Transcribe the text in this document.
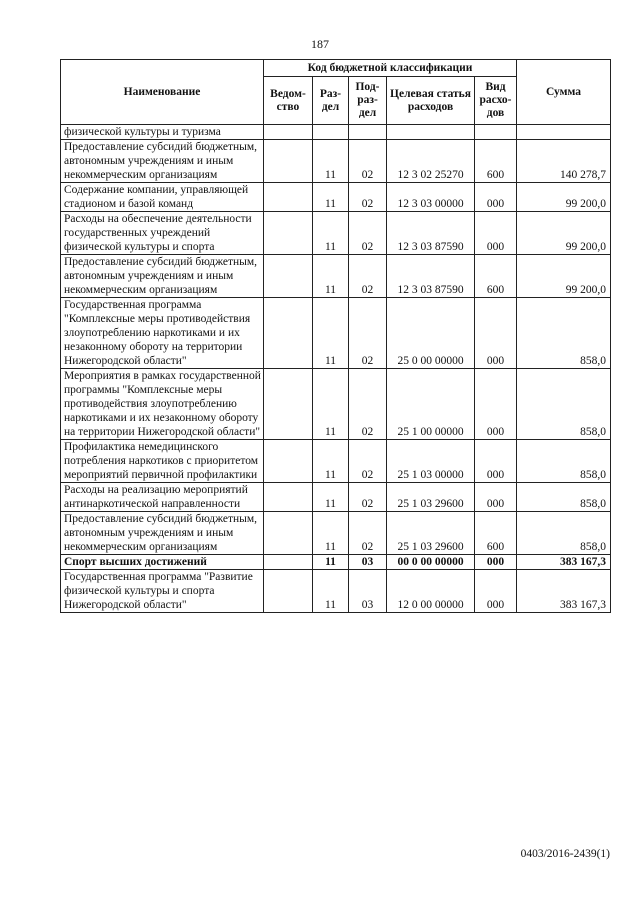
187
Наименование	Код бюджетной классификации					Сумма
	Ведом-ство	Раз-дел	Под-раз-дел	Целевая статья расходов	Вид расхо-дов	
физической культуры и туризма						
Предоставление субсидий бюджетным, автономным учреждениям и иным некоммерческим организациям		11	02	12 3 02 25270	600	140 278,7
Содержание компании, управляющей стадионом и базой команд		11	02	12 3 03 00000	000	99 200,0
Расходы на обеспечение деятельности государственных учреждений физической культуры и спорта		11	02	12 3 03 87590	000	99 200,0
Предоставление субсидий бюджетным, автономным учреждениям и иным некоммерческим организациям		11	02	12 3 03 87590	600	99 200,0
Государственная программа "Комплексные меры противодействия злоупотреблению наркотиками и их незаконному обороту на территории Нижегородской области"		11	02	25 0 00 00000	000	858,0
Мероприятия в рамках государственной программы "Комплексные меры противодействия злоупотреблению наркотиками и их незаконному обороту на территории Нижегородской области"		11	02	25 1 00 00000	000	858,0
Профилактика немедицинского потребления наркотиков с приоритетом мероприятий первичной профилактики		11	02	25 1 03 00000	000	858,0
Расходы на реализацию мероприятий антинаркотической направленности		11	02	25 1 03 29600	000	858,0
Предоставление субсидий бюджетным, автономным учреждениям и иным некоммерческим организациям		11	02	25 1 03 29600	600	858,0
Спорт высших достижений		11	03	00 0 00 00000	000	383 167,3
Государственная программа "Развитие физической культуры и спорта Нижегородской области"		11	03	12 0 00 00000	000	383 167,3
0403/2016-2439(1)
